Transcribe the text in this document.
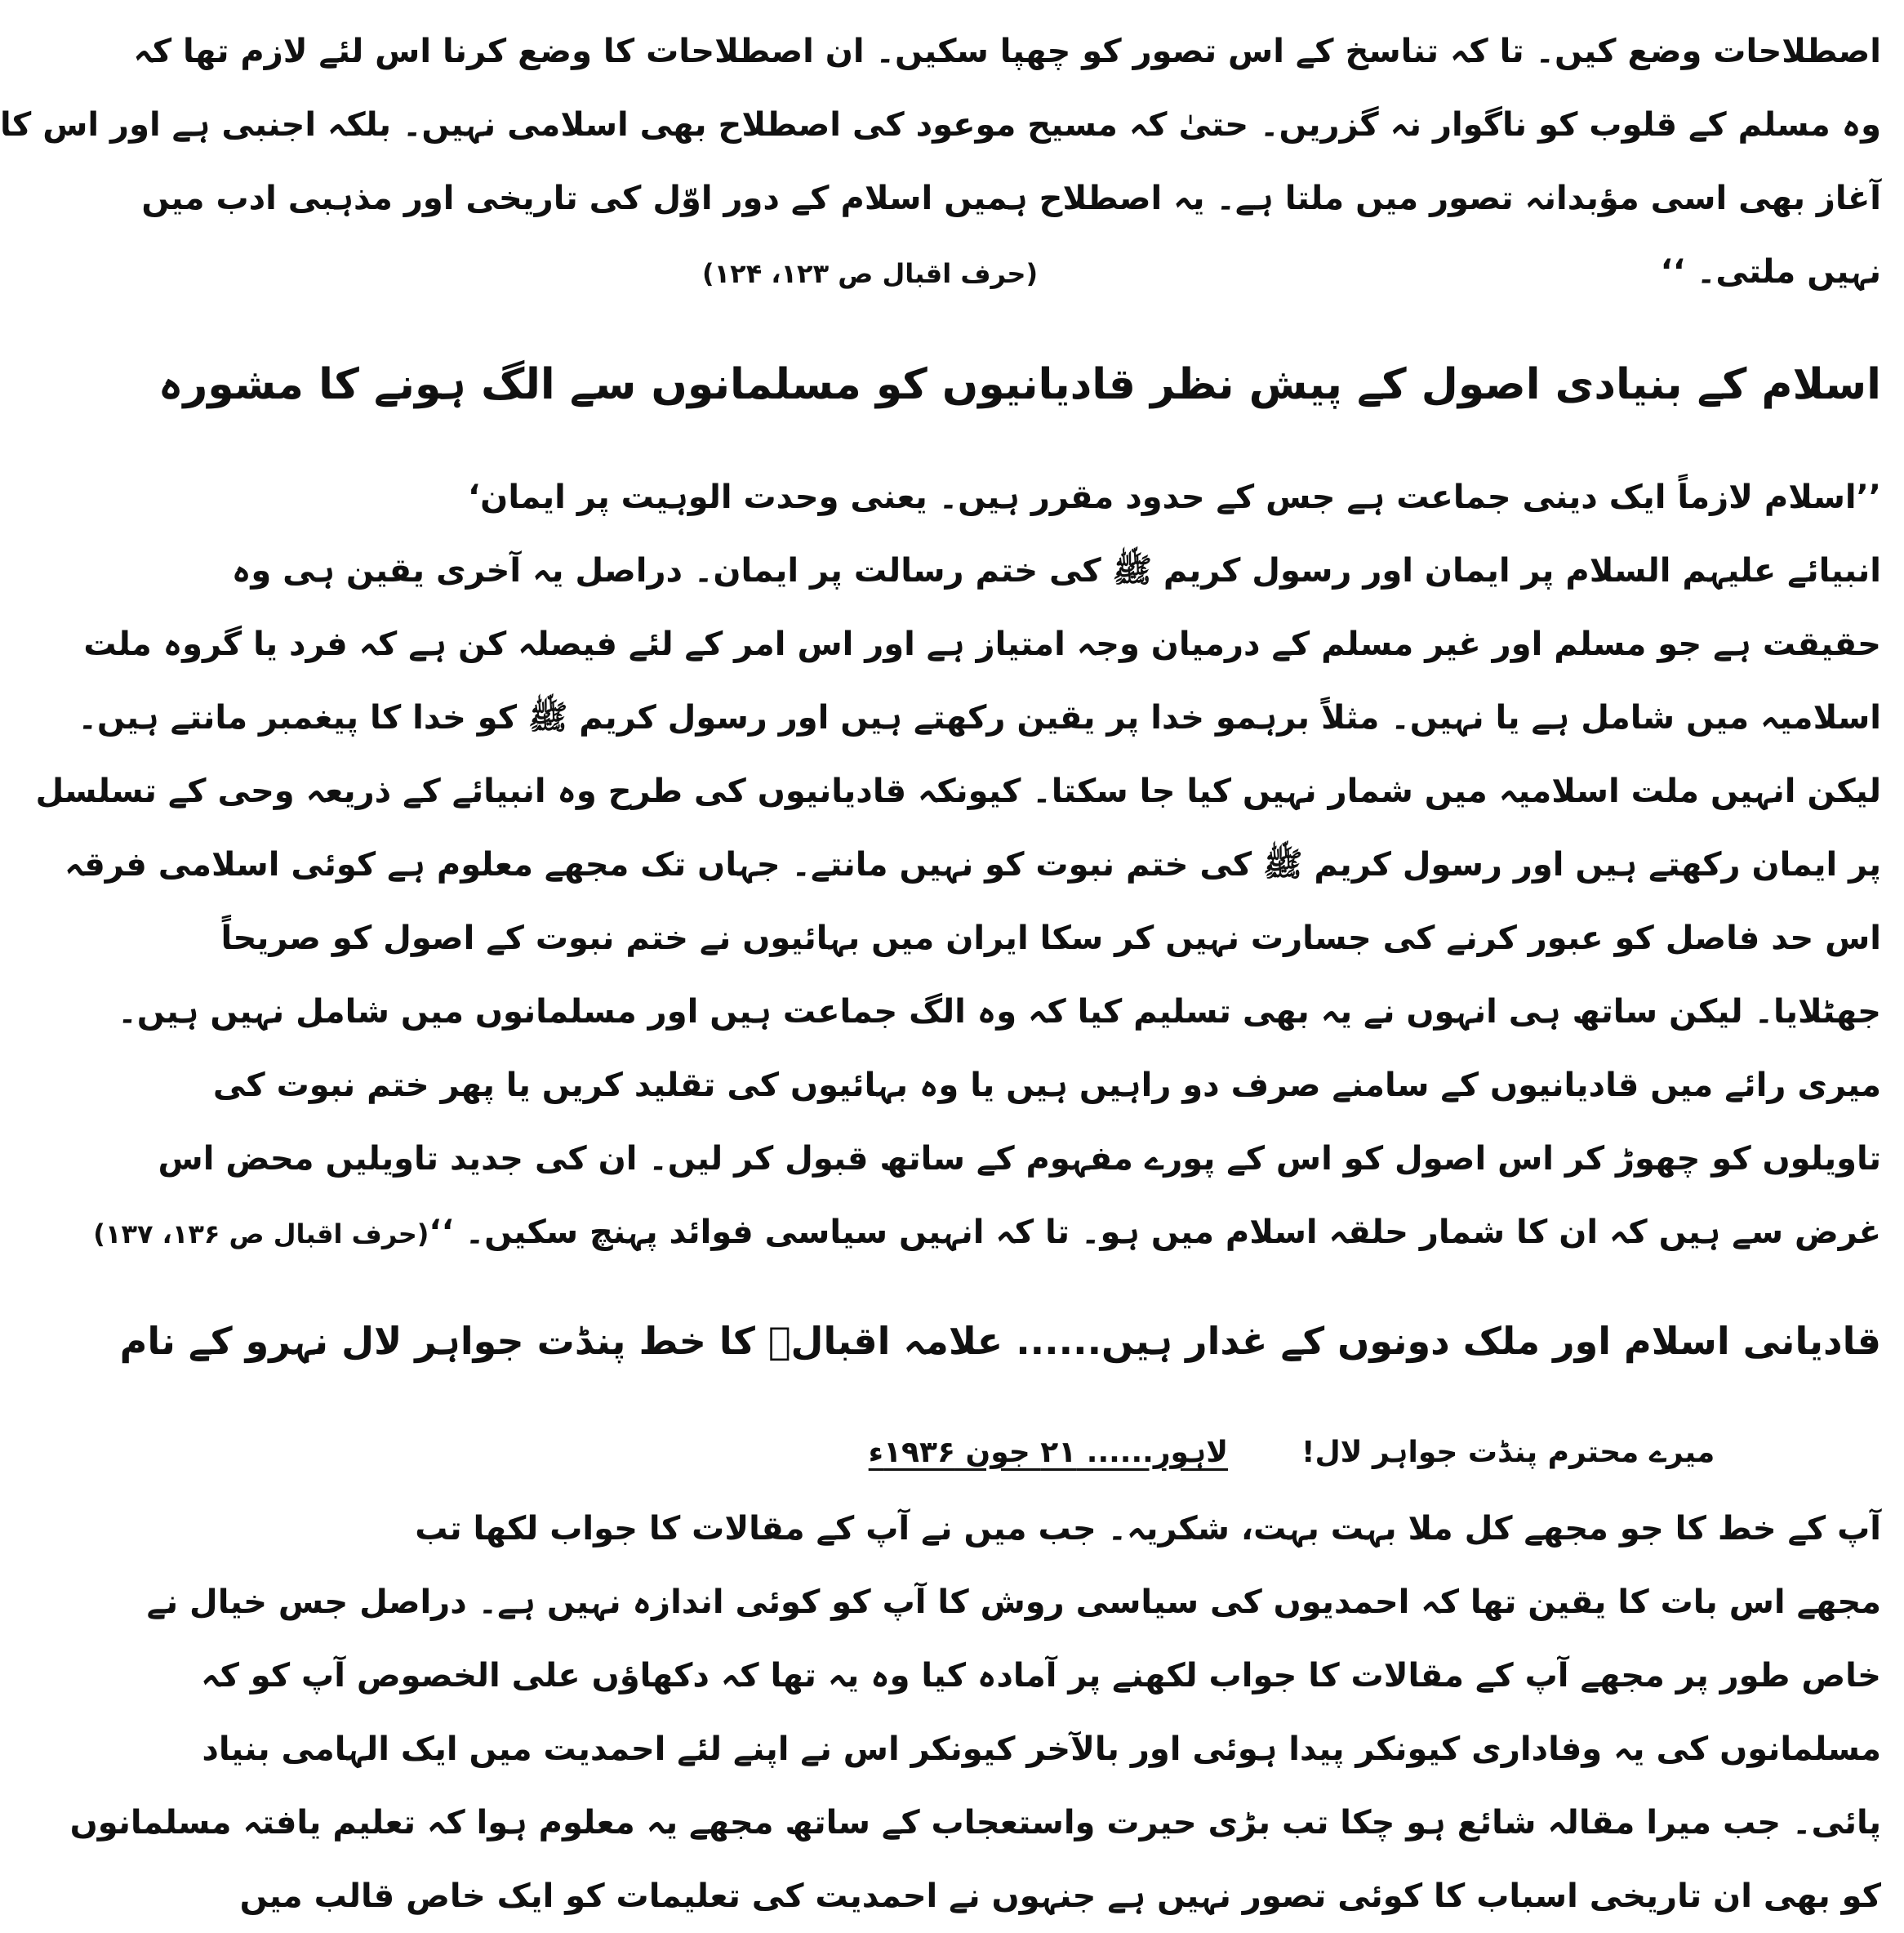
اصطلاحات وضع کیں۔ تا کہ تناسخ کے اس تصور کو چھپا سکیں۔ ان اصطلاحات کا وضع کرنا اس لئے لازم تھا کہ

وہ مسلم کے قلوب کو ناگوار نہ گزریں۔ حتیٰ کہ مسیح موعود کی اصطلاح بھی اسلامی نہیں۔ بلکہ اجنبی ہے اور اس کا

آغاز بھی اسی مؤبدانہ تصور میں ملتا ہے۔ یہ اصطلاح ہمیں اسلام کے دور اوّل کی تاریخی اور مذہبی ادب میں

نہیں ملتی۔ ‘‘
(حرف اقبال ص ۱۲۳، ۱۲۴)
اسلام کے بنیادی اصول کے پیش نظر قادیانیوں کو مسلمانوں سے الگ ہونے کا مشورہ

’’اسلام لازماً ایک دینی جماعت ہے جس کے حدود مقرر ہیں۔ یعنی وحدت الوہیت پر ایمان‘

انبیائے علیہم السلام پر ایمان اور رسول کریم ﷺ کی ختم رسالت پر ایمان۔ دراصل یہ آخری یقین ہی وہ

حقیقت ہے جو مسلم اور غیر مسلم کے درمیان وجہ امتیاز ہے اور اس امر کے لئے فیصلہ کن ہے کہ فرد یا گروہ ملت

اسلامیہ میں شامل ہے یا نہیں۔ مثلاً برہمو خدا پر یقین رکھتے ہیں اور رسول کریم ﷺ کو خدا کا پیغمبر مانتے ہیں۔

لیکن انہیں ملت اسلامیہ میں شمار نہیں کیا جا سکتا۔ کیونکہ قادیانیوں کی طرح وہ انبیائے کے ذریعہ وحی کے تسلسل

پر ایمان رکھتے ہیں اور رسول کریم ﷺ کی ختم نبوت کو نہیں مانتے۔ جہاں تک مجھے معلوم ہے کوئی اسلامی فرقہ

اس حد فاصل کو عبور کرنے کی جسارت نہیں کر سکا ایران میں بہائیوں نے ختم نبوت کے اصول کو صریحاً

جھٹلایا۔ لیکن ساتھ ہی انہوں نے یہ بھی تسلیم کیا کہ وہ الگ جماعت ہیں اور مسلمانوں میں شامل نہیں ہیں۔

میری رائے میں قادیانیوں کے سامنے صرف دو راہیں ہیں یا وہ بہائیوں کی تقلید کریں یا پھر ختم نبوت کی

تاویلوں کو چھوڑ کر اس اصول کو اس کے پورے مفہوم کے ساتھ قبول کر لیں۔ ان کی جدید تاویلیں محض اس

غرض سے ہیں کہ ان کا شمار حلقہ اسلام میں ہو۔ تا کہ انہیں سیاسی فوائد پہنچ سکیں۔ ‘‘
(حرف اقبال ص ۱۳۶، ۱۳۷)
قادیانی اسلام اور ملک دونوں کے غدار ہیں...... علامہ اقبالؒ کا خط پنڈت جواہر لال نہرو کے نام
میرے محترم پنڈت جواہر لال!
لاہور...... ۲۱ جون ۱۹۳۶ء

آپ کے خط کا جو مجھے کل ملا بہت بہت، شکریہ۔ جب میں نے آپ کے مقالات کا جواب لکھا تب

مجھے اس بات کا یقین تھا کہ احمدیوں کی سیاسی روش کا آپ کو کوئی اندازہ نہیں ہے۔ دراصل جس خیال نے

خاص طور پر مجھے آپ کے مقالات کا جواب لکھنے پر آمادہ کیا وہ یہ تھا کہ دکھاؤں علی الخصوص آپ کو کہ

مسلمانوں کی یہ وفاداری کیونکر پیدا ہوئی اور بالآخر کیونکر اس نے اپنے لئے احمدیت میں ایک الہامی بنیاد

پائی۔ جب میرا مقالہ شائع ہو چکا تب بڑی حیرت واستعجاب کے ساتھ مجھے یہ معلوم ہوا کہ تعلیم یافتہ مسلمانوں

کو بھی ان تاریخی اسباب کا کوئی تصور نہیں ہے جنہوں نے احمدیت کی تعلیمات کو ایک خاص قالب میں
